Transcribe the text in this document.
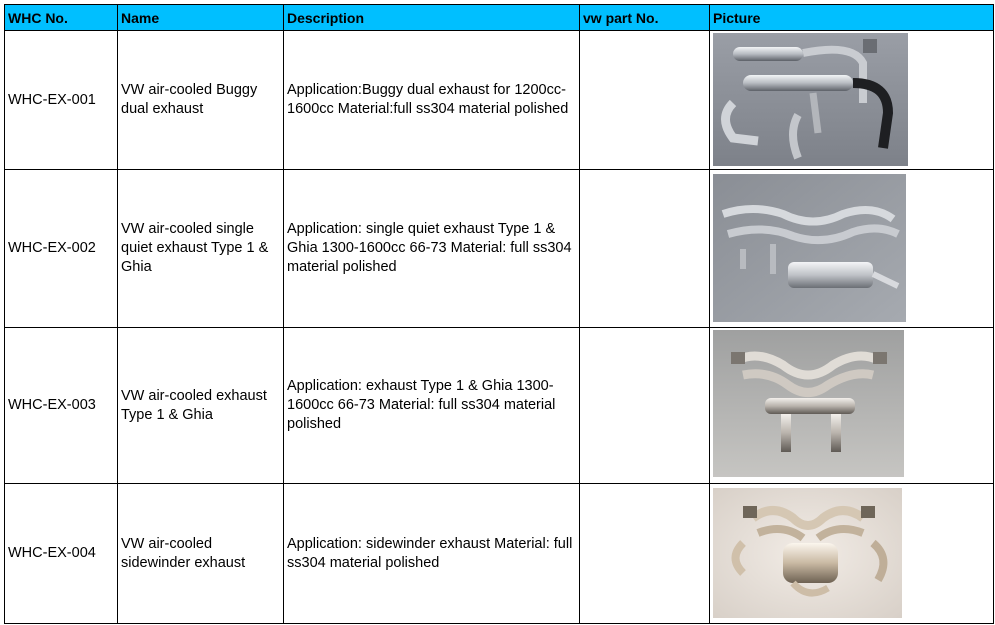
WHC No.	Name	Description	vw part No.	Picture
WHC-EX-001	VW air-cooled Buggy dual exhaust	Application:Buggy dual exhaust for 1200cc-1600cc Material:full ss304 material polished		

WHC-EX-002	VW air-cooled single quiet exhaust Type 1 & Ghia	Application: single quiet exhaust Type 1 & Ghia 1300-1600cc 66-73 Material: full ss304 material polished		

WHC-EX-003	VW air-cooled exhaust Type 1 & Ghia	Application: exhaust Type 1 & Ghia 1300-1600cc 66-73 Material: full ss304 material polished		

WHC-EX-004	VW air-cooled sidewinder exhaust	Application: sidewinder exhaust Material: full ss304 material polished		
